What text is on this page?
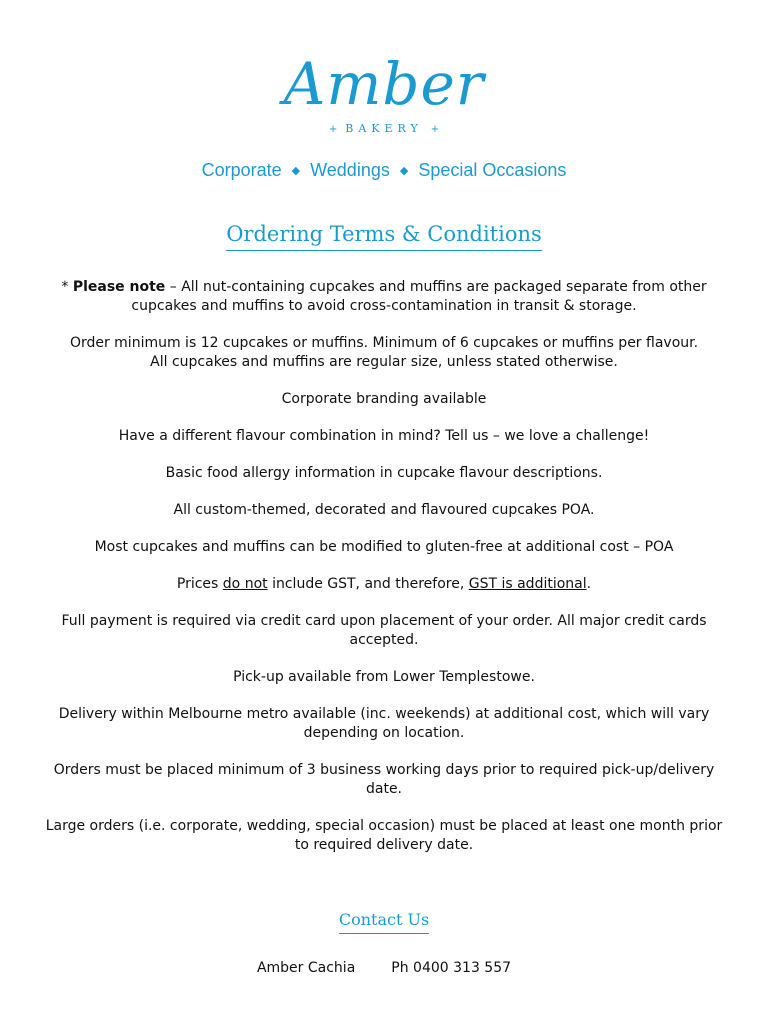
Amber
+ BAKERY +
Corporate ◆ Weddings ◆ Special Occasions
Ordering Terms & Conditions

* Please note – All nut-containing cupcakes and muffins are packaged separate from other cupcakes and muffins to avoid cross-contamination in transit & storage.

Order minimum is 12 cupcakes or muffins. Minimum of 6 cupcakes or muffins per flavour.
All cupcakes and muffins are regular size, unless stated otherwise.

Corporate branding available

Have a different flavour combination in mind? Tell us – we love a challenge!

Basic food allergy information in cupcake flavour descriptions.

All custom-themed, decorated and flavoured cupcakes POA.

Most cupcakes and muffins can be modified to gluten-free at additional cost – POA

Prices do not include GST, and therefore, GST is additional.

Full payment is required via credit card upon placement of your order. All major credit cards accepted.

Pick-up available from Lower Templestowe.

Delivery within Melbourne metro available (inc. weekends) at additional cost, which will vary depending on location.

Orders must be placed minimum of 3 business working days prior to required pick-up/delivery date.

Large orders (i.e. corporate, wedding, special occasion) must be placed at least one month prior to required delivery date.

Contact Us
Amber Cachia	Ph 0400 313 557
